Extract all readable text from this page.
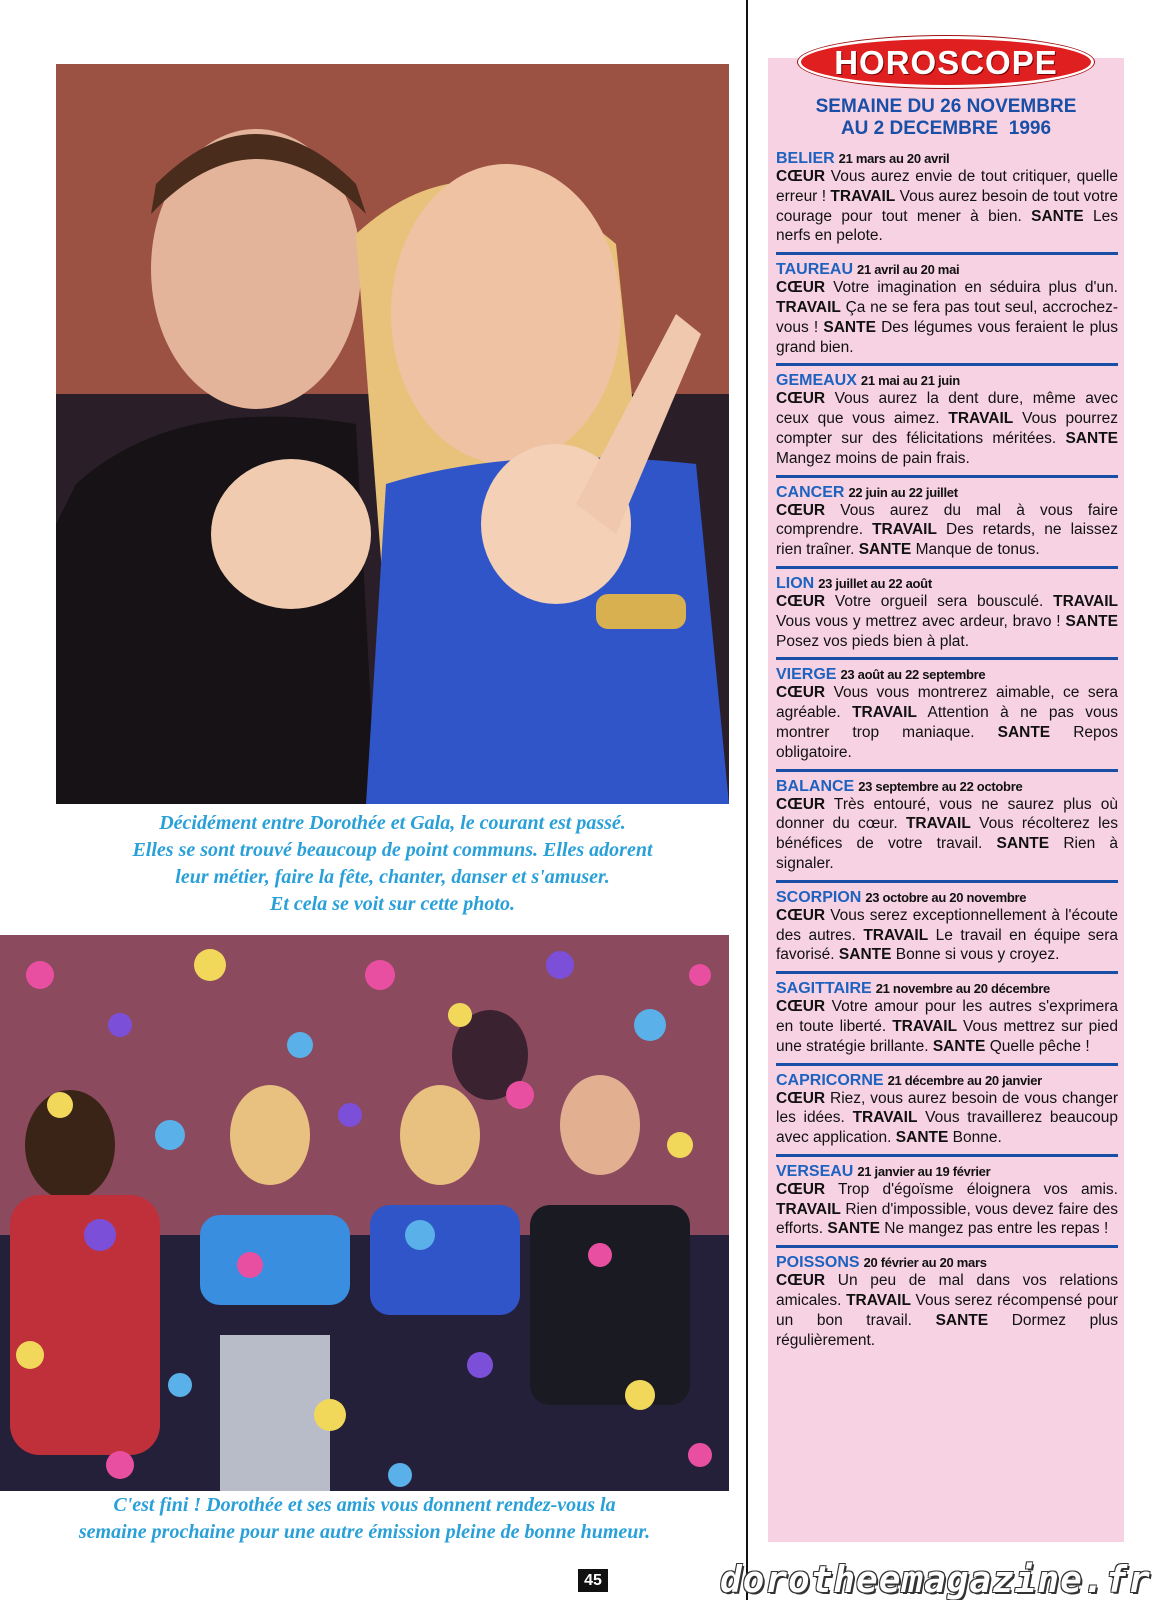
Décidément entre Dorothée et Gala, le courant est passé.
Elles se sont trouvé beaucoup de point communs. Elles adorent
leur métier, faire la fête, chanter, danser et s'amuser.
Et cela se voit sur cette photo.
C'est fini ! Dorothée et ses amis vous donnent rendez-vous la
semaine prochaine pour une autre émission pleine de bonne humeur.
HOROSCOPE
SEMAINE DU 26 NOVEMBRE
AU 2 DECEMBRE  1996
BELIER 21 mars au 20 avril
CŒUR Vous aurez envie de tout critiquer, quelle erreur ! TRAVAIL Vous aurez besoin de tout votre courage pour tout mener à bien. SANTE Les nerfs en pelote.
TAUREAU 21 avril au 20 mai
CŒUR Votre imagination en séduira plus d'un. TRAVAIL Ça ne se fera pas tout seul, accrochez-vous ! SANTE Des légumes vous feraient le plus grand bien.
GEMEAUX 21 mai au 21 juin
CŒUR Vous aurez la dent dure, même avec ceux que vous aimez. TRAVAIL Vous pourrez compter sur des félicitations méritées. SANTE Mangez moins de pain frais.
CANCER 22 juin au 22 juillet
CŒUR Vous aurez du mal à vous faire comprendre. TRAVAIL Des retards, ne laissez rien traîner. SANTE Manque de tonus.
LION 23 juillet au 22 août
CŒUR Votre orgueil sera bousculé. TRAVAIL Vous vous y mettrez avec ardeur, bravo ! SANTE Posez vos pieds bien à plat.
VIERGE 23 août au 22 septembre
CŒUR Vous vous montrerez aimable, ce sera agréable. TRAVAIL Attention à ne pas vous montrer trop maniaque. SANTE Repos obligatoire.
BALANCE 23 septembre au 22 octobre
CŒUR Très entouré, vous ne saurez plus où donner du cœur. TRAVAIL Vous récolterez les bénéfices de votre travail. SANTE Rien à signaler.
SCORPION 23 octobre au 20 novembre
CŒUR Vous serez exceptionnellement à l'écoute des autres. TRAVAIL Le travail en équipe sera favorisé. SANTE Bonne si vous y croyez.
SAGITTAIRE 21 novembre au 20 décembre
CŒUR Votre amour pour les autres s'exprimera en toute liberté. TRAVAIL Vous mettrez sur pied une stratégie brillante. SANTE Quelle pêche !
CAPRICORNE 21 décembre au 20 janvier
CŒUR Riez, vous aurez besoin de vous changer les idées. TRAVAIL Vous travaillerez beaucoup avec application. SANTE Bonne.
VERSEAU 21 janvier au 19 février
CŒUR Trop d'égoïsme éloignera vos amis. TRAVAIL Rien d'impossible, vous devez faire des efforts. SANTE Ne mangez pas entre les repas !
POISSONS 20 février au 20 mars
CŒUR Un peu de mal dans vos relations amicales. TRAVAIL Vous serez récompensé pour un bon travail. SANTE Dormez plus régulièrement.
45	dorotheemagazine.fr
